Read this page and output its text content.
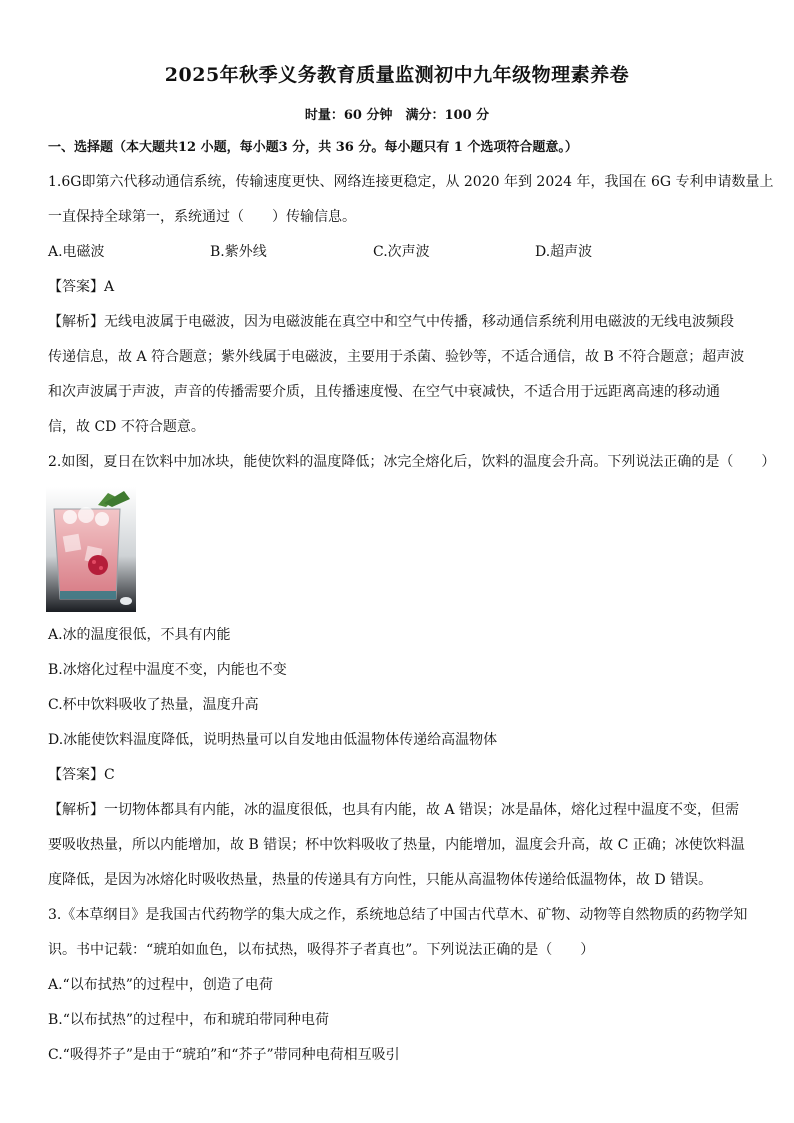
2025年秋季义务教育质量监测初中九年级物理素养卷
时量：60 分钟　满分：100 分
一、选择题（本大题共12 小题，每小题3 分，共 36 分。每小题只有 1 个选项符合题意。）
1.6G即第六代移动通信系统，传输速度更快、网络连接更稳定，从 2020 年到 2024 年，我国在 6G 专利申请数量上
一直保持全球第一，系统通过（　　）传输信息。
A.电磁波	B.紫外线	C.次声波	D.超声波
【答案】A
【解析】无线电波属于电磁波，因为电磁波能在真空中和空气中传播，移动通信系统利用电磁波的无线电波频段
传递信息，故 A 符合题意；紫外线属于电磁波，主要用于杀菌、验钞等，不适合通信，故 B 不符合题意；超声波
和次声波属于声波，声音的传播需要介质，且传播速度慢、在空气中衰减快，不适合用于远距离高速的移动通
信，故 CD 不符合题意。
2.如图，夏日在饮料中加冰块，能使饮料的温度降低；冰完全熔化后，饮料的温度会升高。下列说法正确的是（　　）
A.冰的温度很低，不具有内能
B.冰熔化过程中温度不变，内能也不变
C.杯中饮料吸收了热量，温度升高
D.冰能使饮料温度降低，说明热量可以自发地由低温物体传递给高温物体
【答案】C
【解析】一切物体都具有内能，冰的温度很低，也具有内能，故 A 错误；冰是晶体，熔化过程中温度不变，但需
要吸收热量，所以内能增加，故 B 错误；杯中饮料吸收了热量，内能增加，温度会升高，故 C 正确；冰使饮料温
度降低，是因为冰熔化时吸收热量，热量的传递具有方向性，只能从高温物体传递给低温物体，故 D 错误。
3.《本草纲目》是我国古代药物学的集大成之作，系统地总结了中国古代草木、矿物、动物等自然物质的药物学知
识。书中记载：“琥珀如血色，以布拭热，吸得芥子者真也”。下列说法正确的是（　　）
A.“以布拭热”的过程中，创造了电荷
B.“以布拭热”的过程中，布和琥珀带同种电荷
C.“吸得芥子”是由于“琥珀”和“芥子”带同种电荷相互吸引
